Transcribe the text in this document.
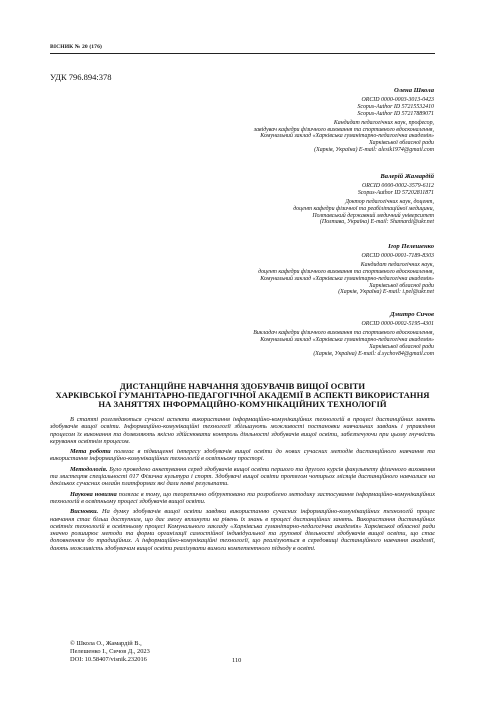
ВІСНИК № 20 (176)
УДК 796.894:378
Олена Школа
ORCID 0000-0003-3013-0423
Scopus-Author ID 57215532410
Scopus-Author ID 57217889071
Кандидат педагогічних наук, професор,
завідувач кафедри фізичного виховання та спортивного вдосконалення,
Комунальний заклад «Харківська гуманітарно-педагогічна академія»
Харківської обласної ради
(Харків, Україна) E-mail: alesik1974@gmail.com
Валерій Жамардій
ORCID 0000-0002-3579-6112
Scopus-Author ID 57202811871
Доктор педагогічних наук, доцент,
доцент кафедри фізичної та реабілітаційної медицини,
Полтавський державний медичний університет
(Полтава, Україна) E-mail: Shamardi@ukr.net
Ігор Пелешенко
ORCID 0000-0001-7189-8303
Кандидат педагогічних наук,
доцент кафедри фізичного виховання та спортивного вдосконалення,
Комунальний заклад «Харківська гуманітарно-педагогічна академія»
Харківської обласної ради
(Харків, Україна) E-mail: i.pel@ukr.net
Дмитро Сичов
ORCID 0000-0002-5195-4301
Викладач кафедри фізичного виховання та спортивного вдосконалення,
Комунальний заклад «Харківська гуманітарно-педагогічна академія»
Харківської обласної ради
(Харків, Україна) E-mail: d.sychov84@gmail.com
ДИСТАНЦІЙНЕ НАВЧАННЯ ЗДОБУВАЧІВ ВИЩОЇ ОСВІТИ
ХАРКІВСЬКОЇ ГУМАНІТАРНО-ПЕДАГОГІЧНОЇ АКАДЕМІЇ В АСПЕКТІ ВИКОРИСТАННЯ
НА ЗАНЯТТЯХ ІНФОРМАЦІЙНО-КОМУНІКАЦІЙНИХ ТЕХНОЛОГІЙ

В статті розглядаються сучасні аспекти використання інформаційно-комунікаційних технологій в процесі дистанційних занять здобувачів вищої освіти. Інформаційно-комунікаційні технології збільшують можливості постановки навчальних завдань і управління процесом їх виконання та дозволяють якісно здійснювати контроль діяльності здобувачів вищої освіти, забезпечуючи при цьому гнучкість керування освітнім процесом.

Мета роботи полягає в підвищенні інтересу здобувачів вищої освіти до нових сучасних методів дистанційного навчання та використання інформаційно-комунікаційних технологій в освітньому просторі.

Методологія. Було проведено анкетування серед здобувачів вищої освіти першого та другого курсів факультету фізичного виховання та мистецтв спеціальності 017 Фізична культура і спорт. Здобувачі вищої освіти протягом чотирьох місяців дистанційного навчалися на декількох сучасних онлайн платформах які дали певні результати.

Наукова новизна полягає в тому, що теоретично обґрунтовано та розроблено методику застосування інформаційно-комунікаційних технологій в освітньому процесі здобувачів вищої освіти.

Висновки. На думку здобувачів вищої освіти завдяки використанню сучасних інформаційно-комунікаційних технологій процес навчання стає більш доступним, що дає змогу вплинути на рівень їх знань в процесі дистанційних занять. Використання дистанційних освітніх технологій в освітньому процесі Комунального закладу «Харківська гуманітарно-педагогічна академія» Харківської обласної ради значно розширює методи та форми організації самостійної індивідуальної та групової діяльності здобувачів вищої освіти, що стає доповненням до традиційних. А інформаційно-комунікаційні технології, що реалізуються в середовищі дистанційного навчання академії, дають можливість здобувачам вищої освіти реалізувати вимоги компетентного підходу в освіті.

© Школа О., Жамардій В.,
Пелешенко І., Сичов Д., 2023
DOI: 10.58407/visnik.232016	110
